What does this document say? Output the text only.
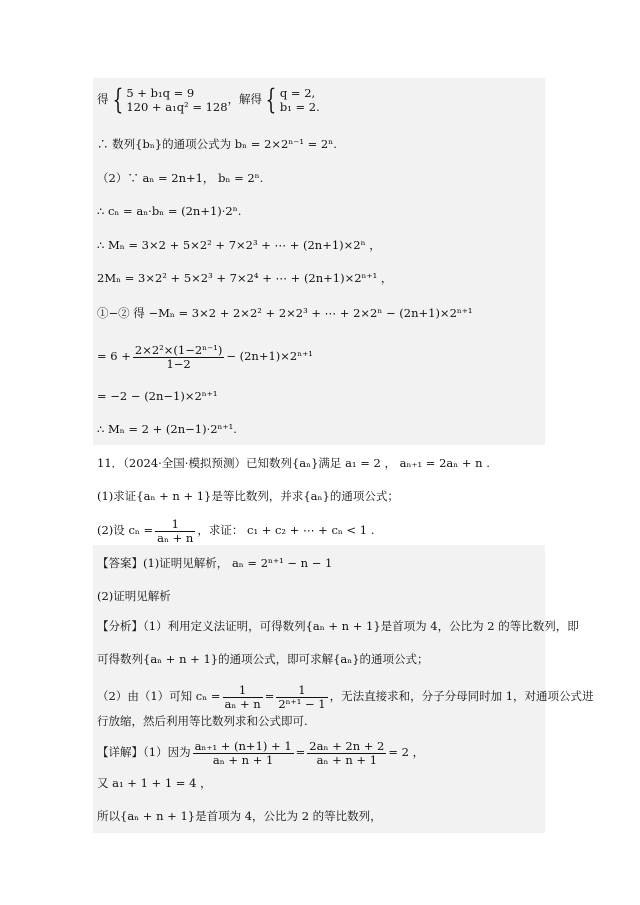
得 { 5 + b₁q = 9
120 + a₁q² = 128
，解得 { q = 2,
b₁ = 2.
∴ 数列{bₙ}的通项公式为 bₙ = 2×2ⁿ⁻¹ = 2ⁿ.
（2）∵ aₙ = 2n+1， bₙ = 2ⁿ.
∴ cₙ = aₙ·bₙ = (2n+1)·2ⁿ.
∴ Mₙ = 3×2 + 5×2² + 7×2³ + ⋯ + (2n+1)×2ⁿ ，
2Mₙ = 3×2² + 5×2³ + 7×2⁴ + ⋯ + (2n+1)×2ⁿ⁺¹ ，
①−② 得 −Mₙ = 3×2 + 2×2² + 2×2³ + ⋯ + 2×2ⁿ − (2n+1)×2ⁿ⁺¹
= $6 + \frac{\text{2×2²×(1−2ⁿ⁻¹)}}{1-2} - (2n+1)\times 2^{n+1}$
= −2 − (2n−1)×2ⁿ⁺¹
∴ Mₙ = 2 + (2n−1)·2ⁿ⁺¹.
11．（2024·全国·模拟预测）已知数列{aₙ}满足 a₁ = 2 ， aₙ₊₁ = 2aₙ + n .
(1)求证{aₙ + n + 1}是等比数列，并求{aₙ}的通项公式；
(2)设 $c_n = \frac{1}{\text{aₙ + n}}$ ，求证： c₁ + c₂ + ⋯ + cₙ < 1 .
【答案】(1)证明见解析， aₙ = 2ⁿ⁺¹ − n − 1
(2)证明见解析
【分析】（1）利用定义法证明，可得数列{aₙ + n + 1}是首项为 4，公比为 2 的等比数列，即
可得数列{aₙ + n + 1}的通项公式，即可求解{aₙ}的通项公式；
（2）由（1）可知 $c_n = \frac{1}{\text{aₙ + n}} = \frac{1}{\text{2ⁿ⁺¹ − 1}}$ ，无法直接求和，分子分母同时加 1，对通项公式进
行放缩，然后利用等比数列求和公式即可.
【详解】（1）因为 $\frac{\text{aₙ₊₁ + (n+1) + 1}}{\text{aₙ + n + 1}} = \frac{\text{2aₙ + 2n + 2}}{\text{aₙ + n + 1}} = 2$ ，
又 a₁ + 1 + 1 = 4 ，
所以{aₙ + n + 1}是首项为 4，公比为 2 的等比数列，
